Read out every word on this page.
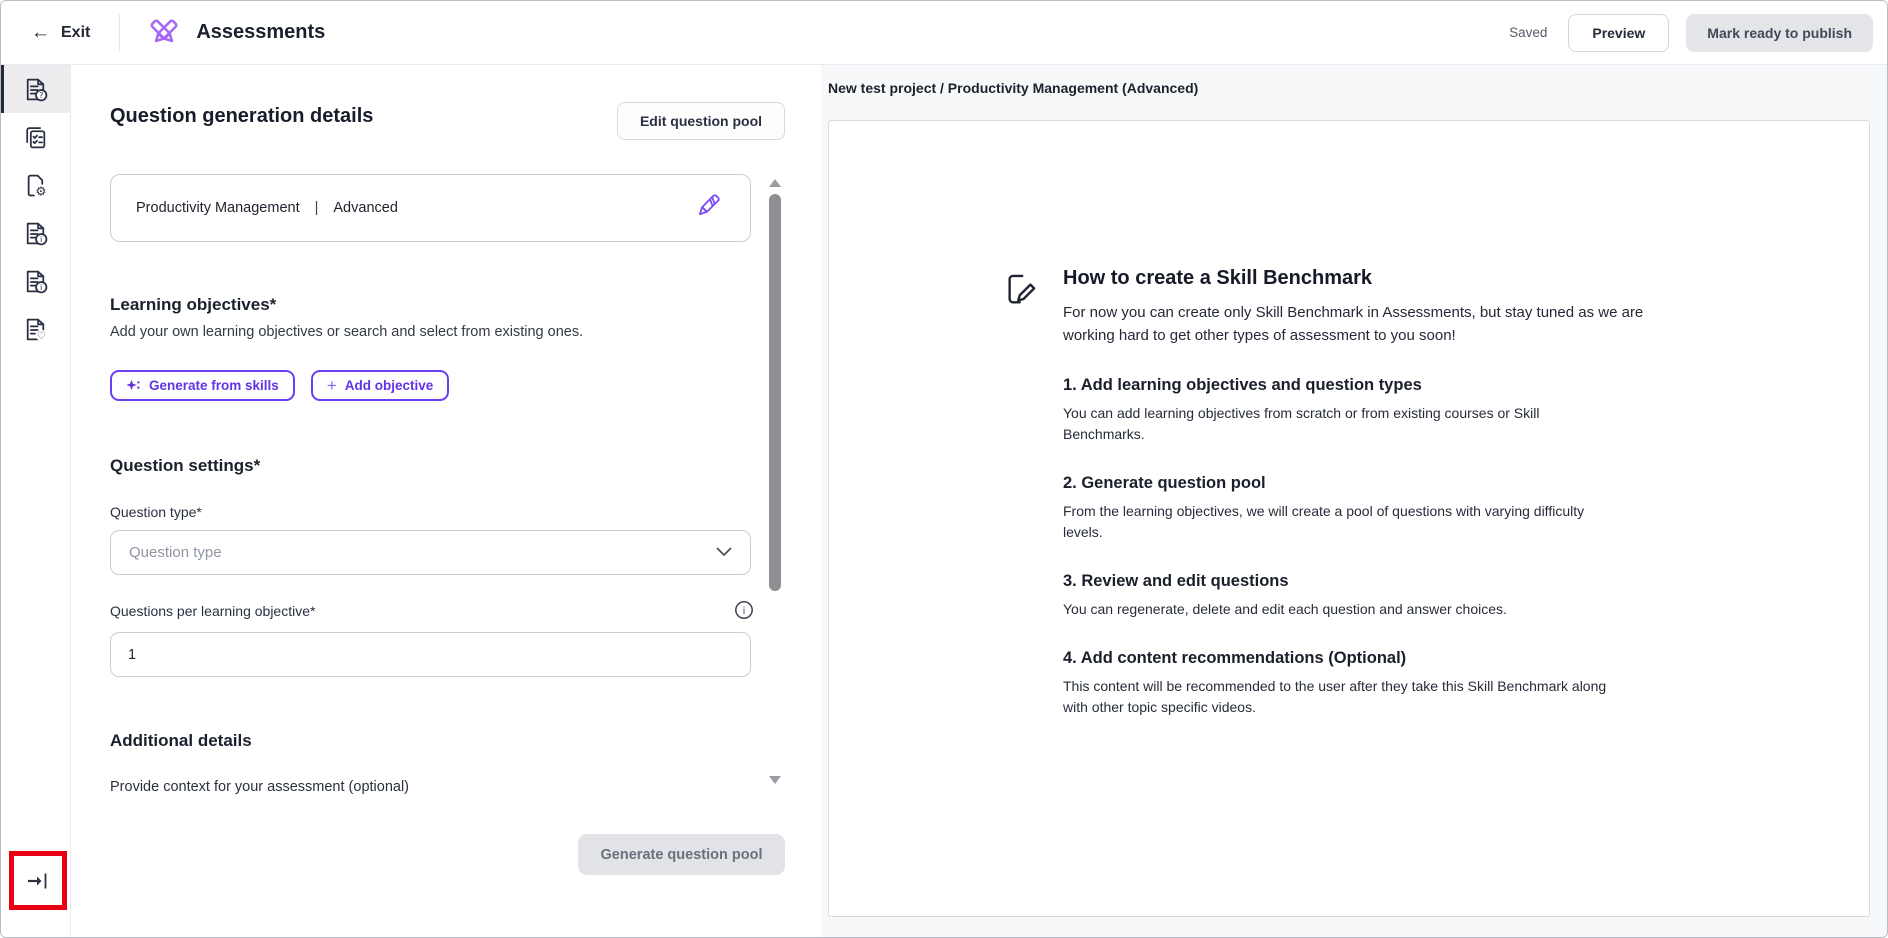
← Exit	Assessments	Saved	Preview	Mark ready to publish
?
⚙
i
i
♡
Question generation details	Edit question pool
Productivity Management | Advanced
Learning objectives*
Add your own learning objectives or search and select from existing ones.
Generate from skills	+ Add objective
Question settings*
Question type*
Question type
Questions per learning objective*	i
1
Additional details
Provide context for your assessment (optional)
Generate question pool
New test project / Productivity Management (Advanced)
How to create a Skill Benchmark
For now you can create only Skill Benchmark in Assessments, but stay tuned as we are working hard to get other types of assessment to you soon!
1. Add learning objectives and question types
You can add learning objectives from scratch or from existing courses or Skill Benchmarks.
2. Generate question pool
From the learning objectives, we will create a pool of questions with varying difficulty levels.
3. Review and edit questions
You can regenerate, delete and edit each question and answer choices.
4. Add content recommendations (Optional)
This content will be recommended to the user after they take this Skill Benchmark along with other topic specific videos.
